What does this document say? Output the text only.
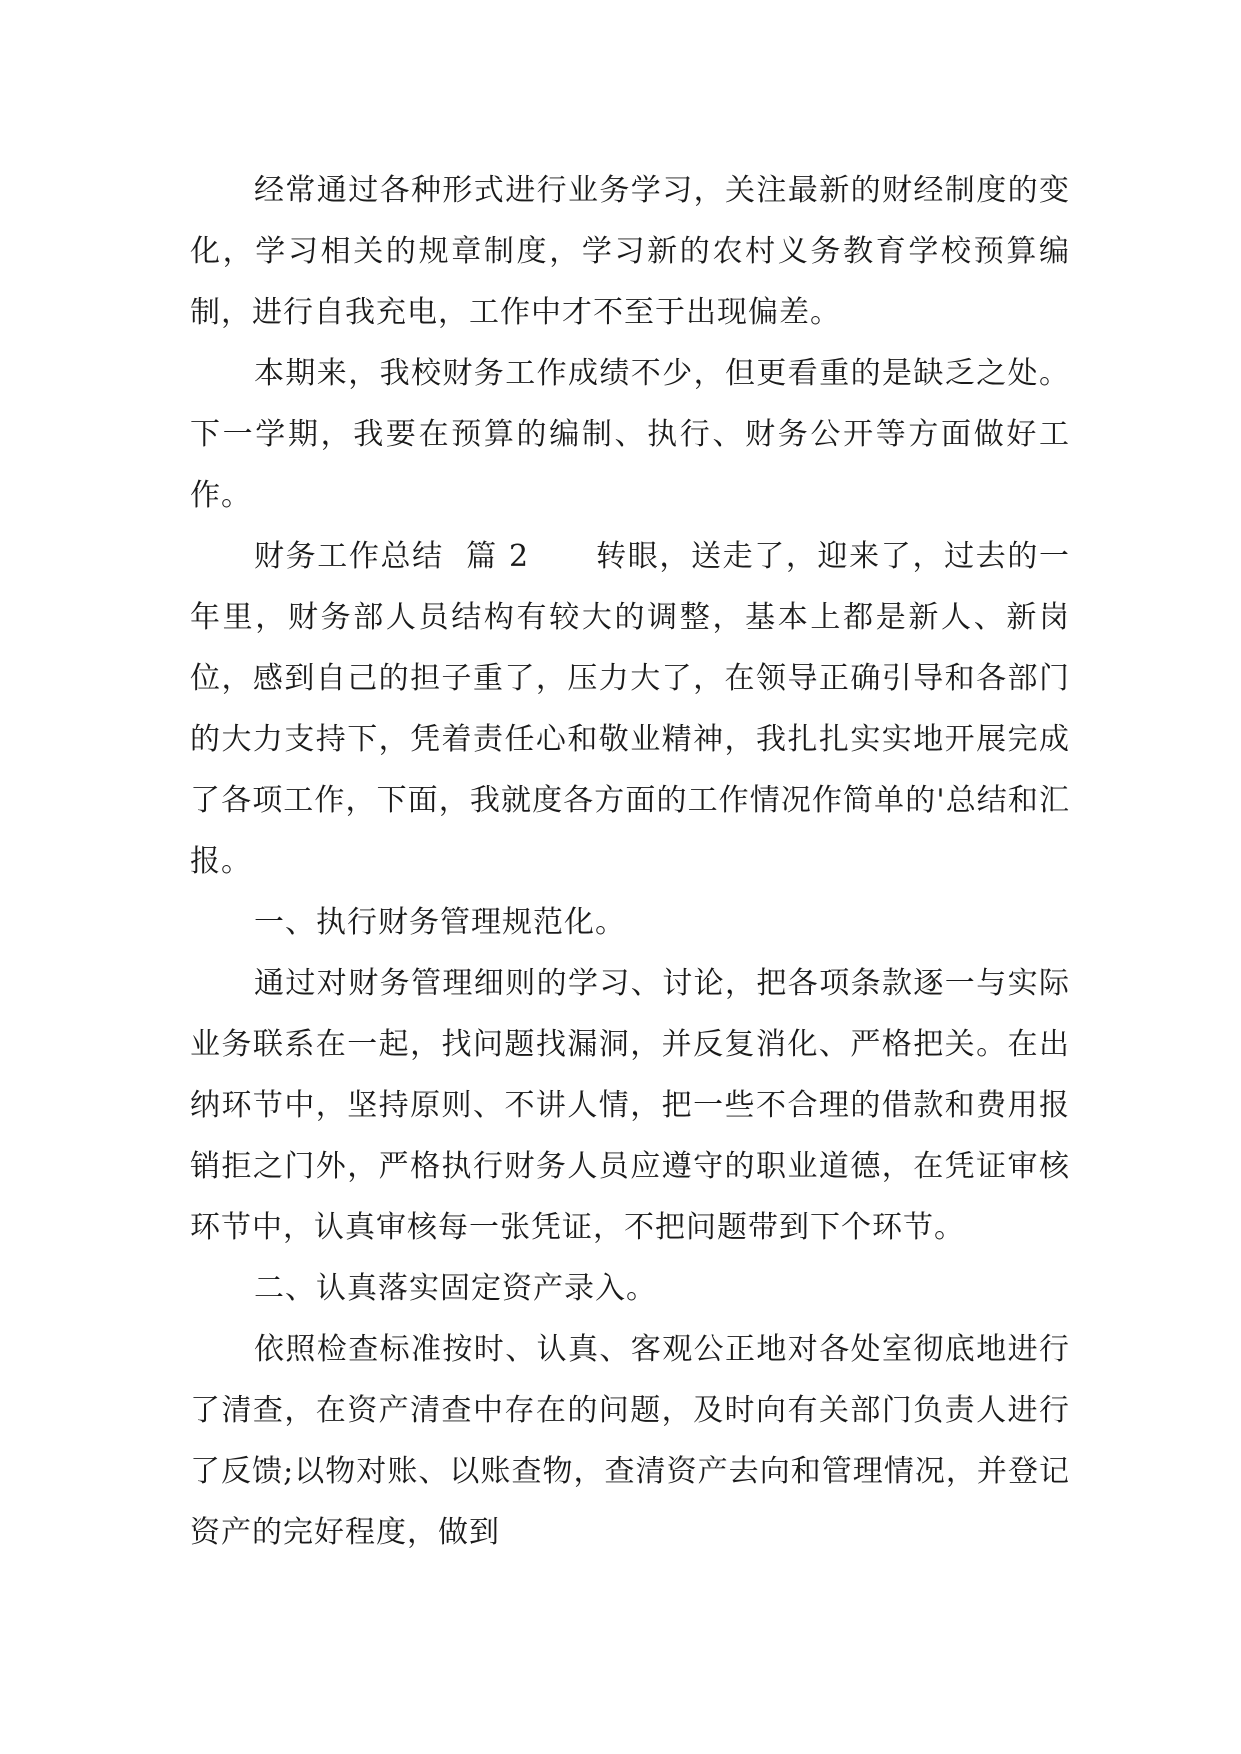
经常通过各种形式进行业务学习，关注最新的财经制度的变化，学习相关的规章制度，学习新的农村义务教育学校预算编制，进行自我充电，工作中才不至于出现偏差。

本期来，我校财务工作成绩不少，但更看重的是缺乏之处。下一学期，我要在预算的编制、执行、财务公开等方面做好工作。

财务工作总结  篇 2      转眼，送走了，迎来了，过去的一年里，财务部人员结构有较大的调整，基本上都是新人、新岗位，感到自己的担子重了，压力大了，在领导正确引导和各部门的大力支持下，凭着责任心和敬业精神，我扎扎实实地开展完成了各项工作，下面，我就度各方面的工作情况作简单的'总结和汇报。

一、执行财务管理规范化。

通过对财务管理细则的学习、讨论，把各项条款逐一与实际业务联系在一起，找问题找漏洞，并反复消化、严格把关。在出纳环节中，坚持原则、不讲人情，把一些不合理的借款和费用报销拒之门外，严格执行财务人员应遵守的职业道德，在凭证审核环节中，认真审核每一张凭证，不把问题带到下个环节。

二、认真落实固定资产录入。

依照检查标准按时、认真、客观公正地对各处室彻底地进行了清查，在资产清查中存在的问题，及时向有关部门负责人进行了反馈;以物对账、以账查物，查清资产去向和管理情况，并登记资产的完好程度，做到
